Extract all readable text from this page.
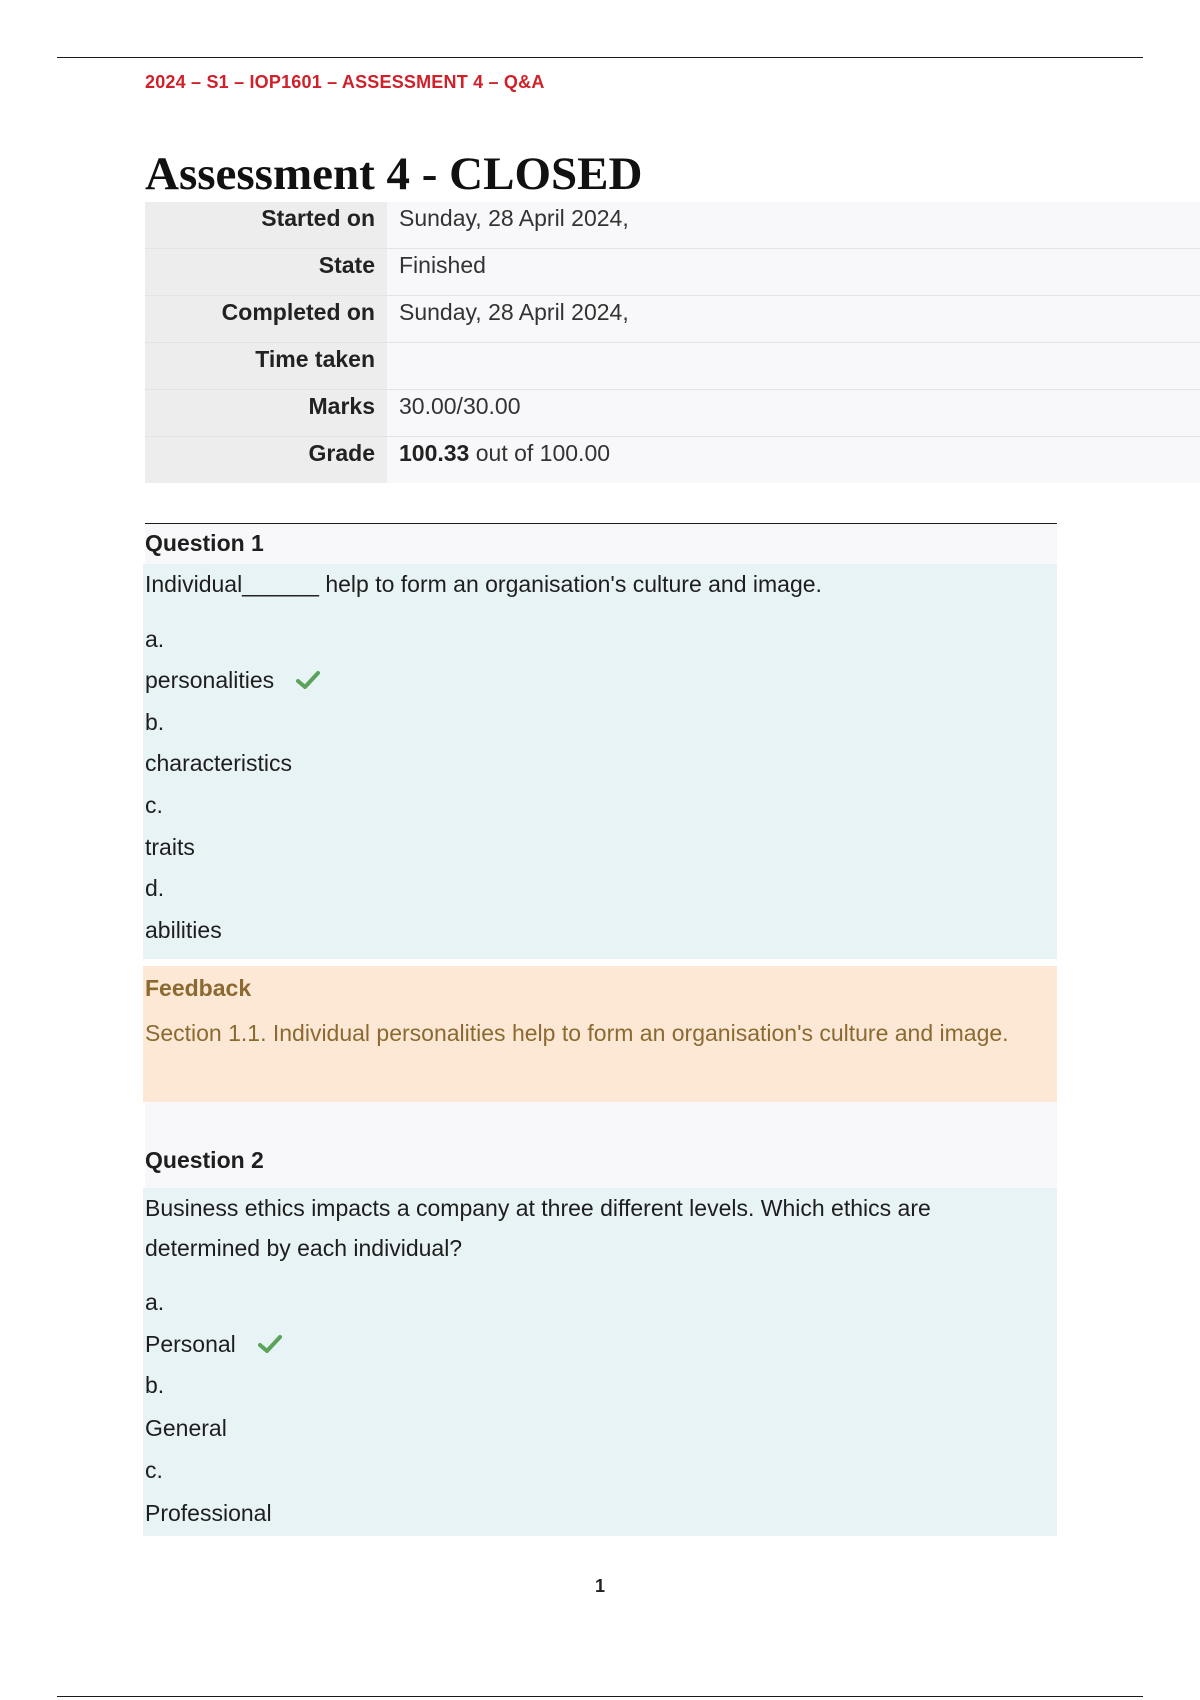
2024 – S1 – IOP1601 – ASSESSMENT 4 – Q&A
Assessment 4 - CLOSED
Started on	Sunday, 28 April 2024,
State	Finished
Completed on	Sunday, 28 April 2024,
Time taken
Marks	30.00/30.00
Grade	100.33 out of 100.00
Question 1
Individual______ help to form an organisation's culture and image.
a.
personalities
b.
characteristics
c.
traits
d.
abilities
Feedback
Section 1.1. Individual personalities help to form an organisation's culture and image.
Question 2
Business ethics impacts a company at three different levels. Which ethics are determined by each individual?
a.
Personal
b.
General
c.
Professional
1
